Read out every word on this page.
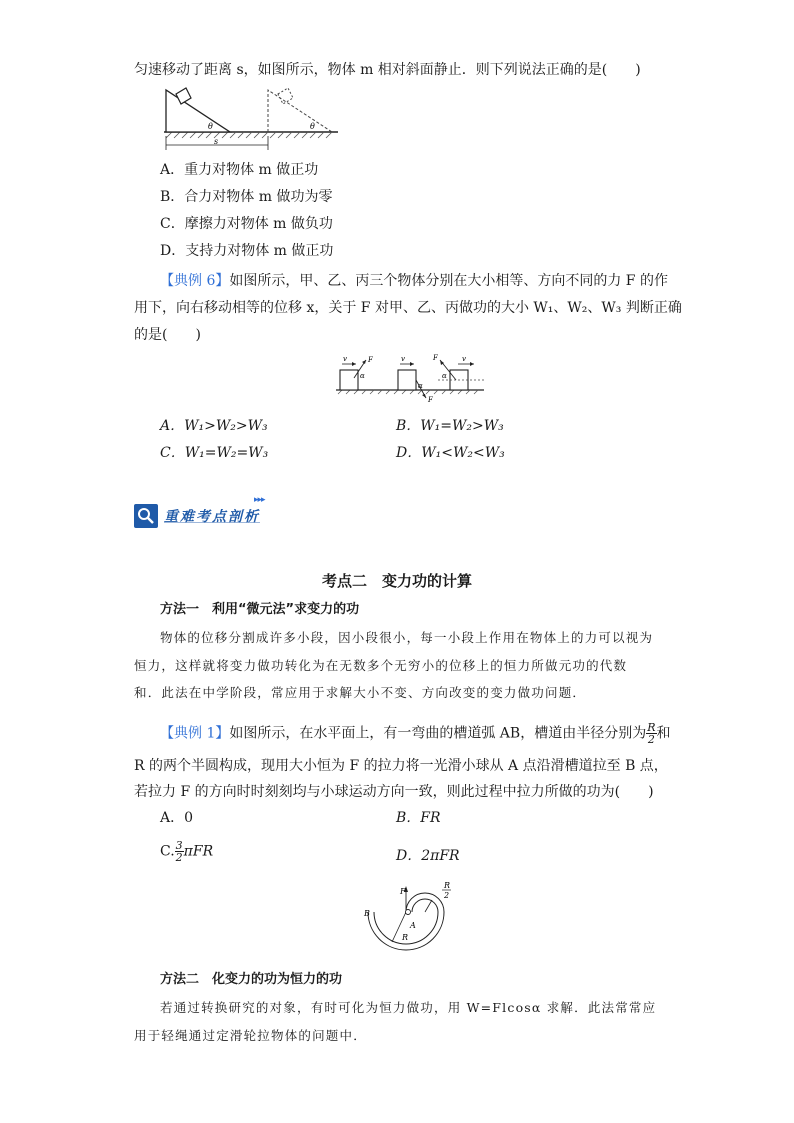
匀速移动了距离 s，如图所示，物体 m 相对斜面静止．则下列说法正确的是(　　)
θ	θ
s
A．重力对物体 m 做正功
B．合力对物体 m 做功为零
C．摩擦力对物体 m 做负功
D．支持力对物体 m 做正功
【典例 6】如图所示，甲、乙、丙三个物体分别在大小相等、方向不同的力 F 的作
用下，向右移动相等的位移 x，关于 F 对甲、乙、丙做功的大小 W₁、W₂、W₃ 判断正确
的是(　　)
v	F
α
v
F
α
v
F
α
A．W₁>W₂>W₃	B．W₁=W₂>W₃
C．W₁=W₂=W₃	D．W₁<W₂<W₃
重难考点剖析
▸▸▸
考点二　变力功的计算
方法一　利用“微元法”求变力的功
物体的位移分割成许多小段，因小段很小，每一小段上作用在物体上的力可以视为
恒力，这样就将变力做功转化为在无数多个无穷小的位移上的恒力所做元功的代数
和．此法在中学阶段，常应用于求解大小不变、方向改变的变力做功问题．
【典例 1】如图所示，在水平面上，有一弯曲的槽道弧 AB，槽道由半径分别为 $\frac{R}{2}$ 和
R 的两个半圆构成，现用大小恒为 F 的拉力将一光滑小球从 A 点沿滑槽道拉至 B 点，
若拉力 F 的方向时时刻刻均与小球运动方向一致，则此过程中拉力所做的功为(　　)
A．0	B．FR
C. $\frac{3}{2}$ πFR	D．2πFR
F
B
A
R
R
2
方法二　化变力的功为恒力的功
若通过转换研究的对象，有时可化为恒力做功，用 W=Flcosα 求解．此法常常应
用于轻绳通过定滑轮拉物体的问题中．
